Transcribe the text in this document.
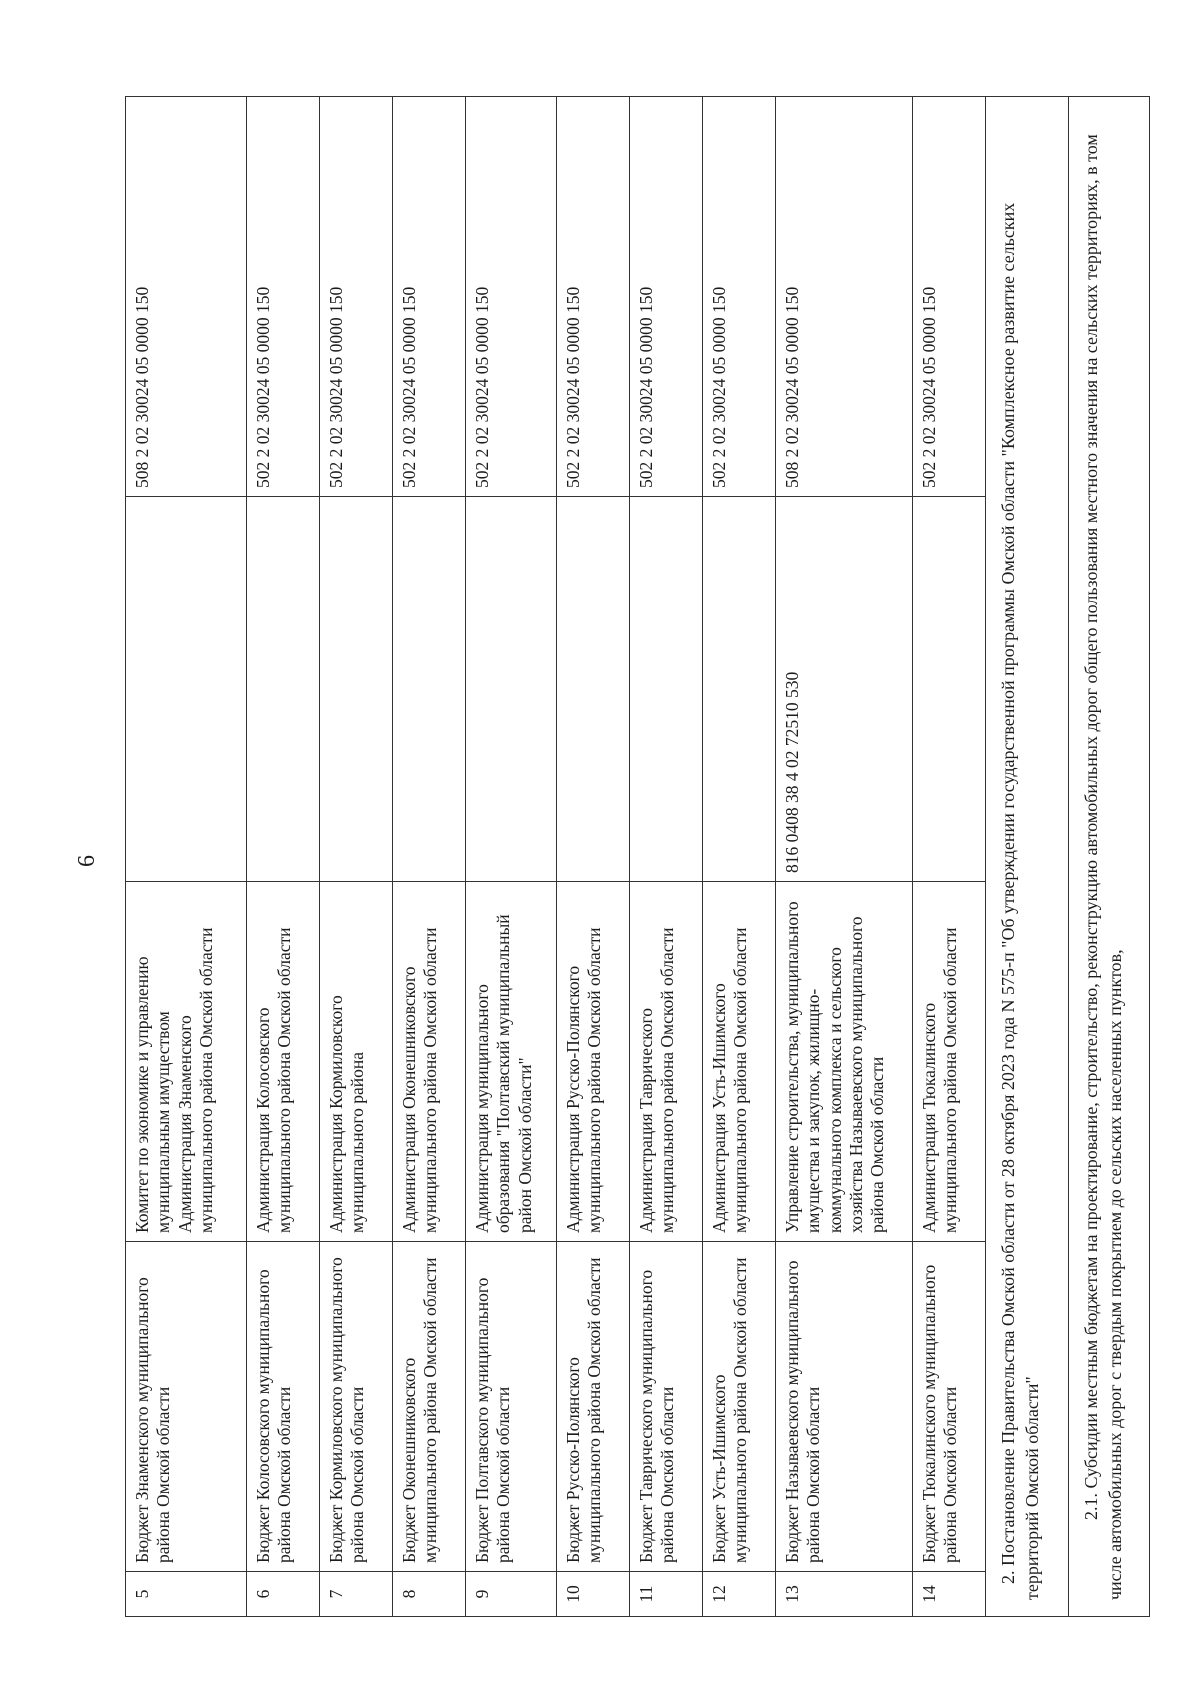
6
5	Бюджет Знаменского муниципального района Омской области	Комитет по экономике и управлению муниципальным имуществом Администрация Знаменского муниципального района Омской области		508 2 02 30024 05 0000 150
6	Бюджет Колосовского муниципального района Омской области	Администрация Колосовского муниципального района Омской области		502 2 02 30024 05 0000 150
7	Бюджет Кормиловского муниципального района Омской области	Администрация Кормиловского муниципального района		502 2 02 30024 05 0000 150
8	Бюджет Оконешниковского муниципального района Омской области	Администрация Оконешниковского муниципального района Омской области		502 2 02 30024 05 0000 150
9	Бюджет Полтавского муниципального района Омской области	Администрация муниципального образования "Полтавский муниципальный район Омской области"		502 2 02 30024 05 0000 150
10	Бюджет Русско-Полянского муниципального района Омской области	Администрация Русско-Полянского муниципального района Омской области		502 2 02 30024 05 0000 150
11	Бюджет Таврического муниципального района Омской области	Администрация Таврического муниципального района Омской области		502 2 02 30024 05 0000 150
12	Бюджет Усть-Ишимского муниципального района Омской области	Администрация Усть-Ишимского муниципального района Омской области		502 2 02 30024 05 0000 150
13	Бюджет Называевского муниципального района Омской области	Управление строительства, муниципального имущества и закупок, жилищно-коммунального комплекса и сельского хозяйства Называевского муниципального района Омской области	816 0408 38 4 02 72510 530	508 2 02 30024 05 0000 150
14	Бюджет Тюкалинского муниципального района Омской области	Администрация Тюкалинского муниципального района Омской области		502 2 02 30024 05 0000 150
2. Постановление Правительства Омской области от 28 октября 2023 года N 575-п "Об утверждении государственной программы Омской области "Комплексное развитие сельских территорий Омской области"				
2.1. Субсидии местным бюджетам на проектирование, строительство, реконструкцию автомобильных дорог общего пользования местного значения на сельских территориях, в том числе автомобильных дорог с твердым покрытием до сельских населенных пунктов,				
